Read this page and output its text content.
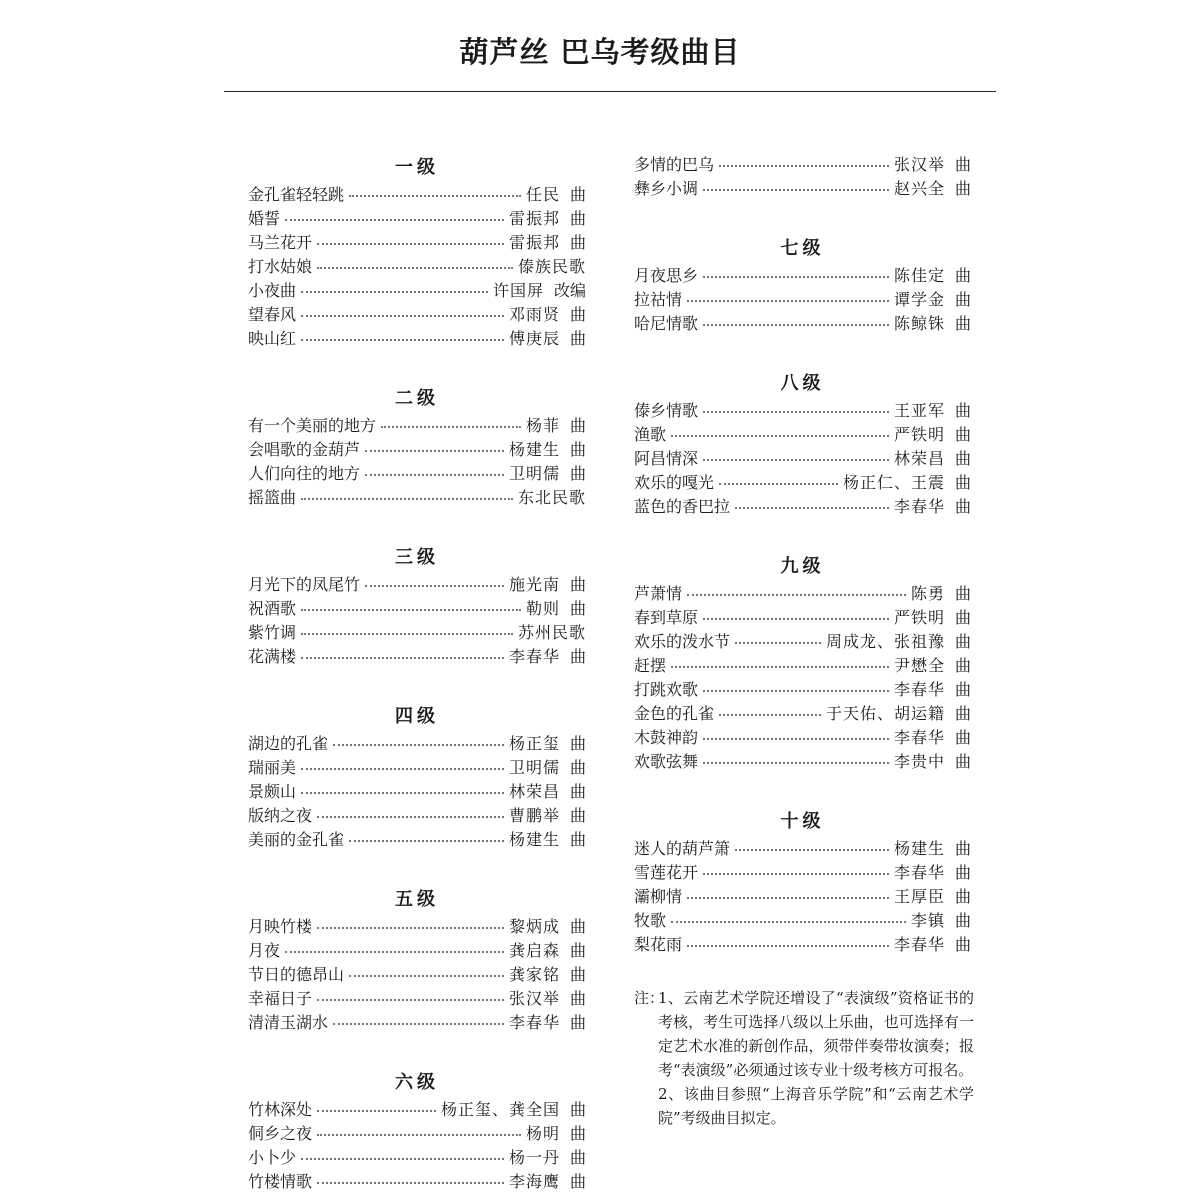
葫芦丝 巴乌考级曲目
一级
金孔雀轻轻跳	任民 曲
婚誓	雷振邦 曲
马兰花开	雷振邦 曲
打水姑娘	傣族民歌
小夜曲	许国屏 改编
望春风	邓雨贤 曲
映山红	傅庚辰 曲
二级
有一个美丽的地方	杨菲 曲
会唱歌的金葫芦	杨建生 曲
人们向往的地方	卫明儒 曲
摇篮曲	东北民歌
三级
月光下的凤尾竹	施光南 曲
祝酒歌	勒则 曲
紫竹调	苏州民歌
花满楼	李春华 曲
四级
湖边的孔雀	杨正玺 曲
瑞丽美	卫明儒 曲
景颇山	林荣昌 曲
版纳之夜	曹鹏举 曲
美丽的金孔雀	杨建生 曲
五级
月映竹楼	黎炳成 曲
月夜	龚启森 曲
节日的德昂山	龚家铭 曲
幸福日子	张汉举 曲
清清玉湖水	李春华 曲
六级
竹林深处	杨正玺、龚全国 曲
侗乡之夜	杨明 曲
小卜少	杨一丹 曲
竹楼情歌	李海鹰 曲
多情的巴乌	张汉举 曲
彝乡小调	赵兴全 曲
七级
月夜思乡	陈佳定 曲
拉祜情	谭学金 曲
哈尼情歌	陈鲸铢 曲
八级
傣乡情歌	王亚军 曲
渔歌	严铁明 曲
阿昌情深	林荣昌 曲
欢乐的嘎光	杨正仁、王震 曲
蓝色的香巴拉	李春华 曲
九级
芦萧情	陈勇 曲
春到草原	严铁明 曲
欢乐的泼水节	周成龙、张祖豫 曲
赶摆	尹懋全 曲
打跳欢歌	李春华 曲
金色的孔雀	于天佑、胡运籍 曲
木鼓神韵	李春华 曲
欢歌弦舞	李贵中 曲
十级
迷人的葫芦箫	杨建生 曲
雪莲花开	李春华 曲
灞柳情	王厚臣 曲
牧歌	李镇 曲
梨花雨	李春华 曲
注：
1、云南艺术学院还增设了“表演级”资格证书的考核，考生可选择八级以上乐曲，也可选择有一定艺术水准的新创作品，须带伴奏带妆演奏；报考“表演级”必须通过该专业十级考核方可报名。
2、该曲目参照“上海音乐学院”和“云南艺术学院”考级曲目拟定。
